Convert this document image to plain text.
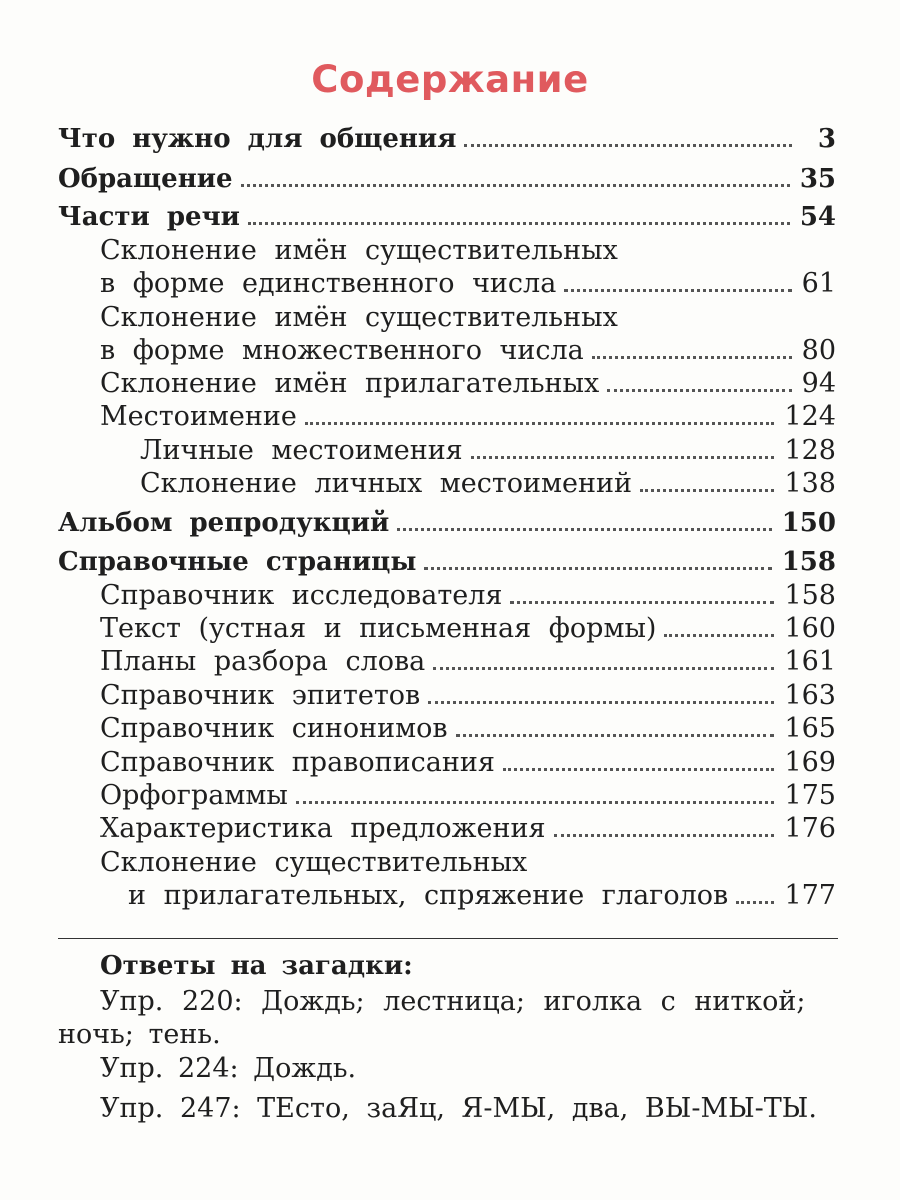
Содержание
Что нужно для общения	3
Обращение	35
Части речи	54
Склонение имён существительных
в форме единственного числа	61
Склонение имён существительных
в форме множественного числа	80
Склонение имён прилагательных	94
Местоимение	124
Личные местоимения	128
Склонение личных местоимений	138
Альбом репродукций	150
Справочные страницы	158
Справочник исследователя	158
Текст (устная и письменная формы)	160
Планы разбора слова	161
Справочник эпитетов	163
Справочник синонимов	165
Справочник правописания	169
Орфограммы	175
Характеристика предложения	176
Склонение существительных
и прилагательных, спряжение глаголов 177
Ответы на загадки:
Упр. 220: Дождь; лестница; иголка с ниткой;
ночь; тень.
Упр. 224: Дождь.
Упр. 247: ТЕсто, заЯц, Я-МЫ, два, ВЫ-МЫ-ТЫ.
